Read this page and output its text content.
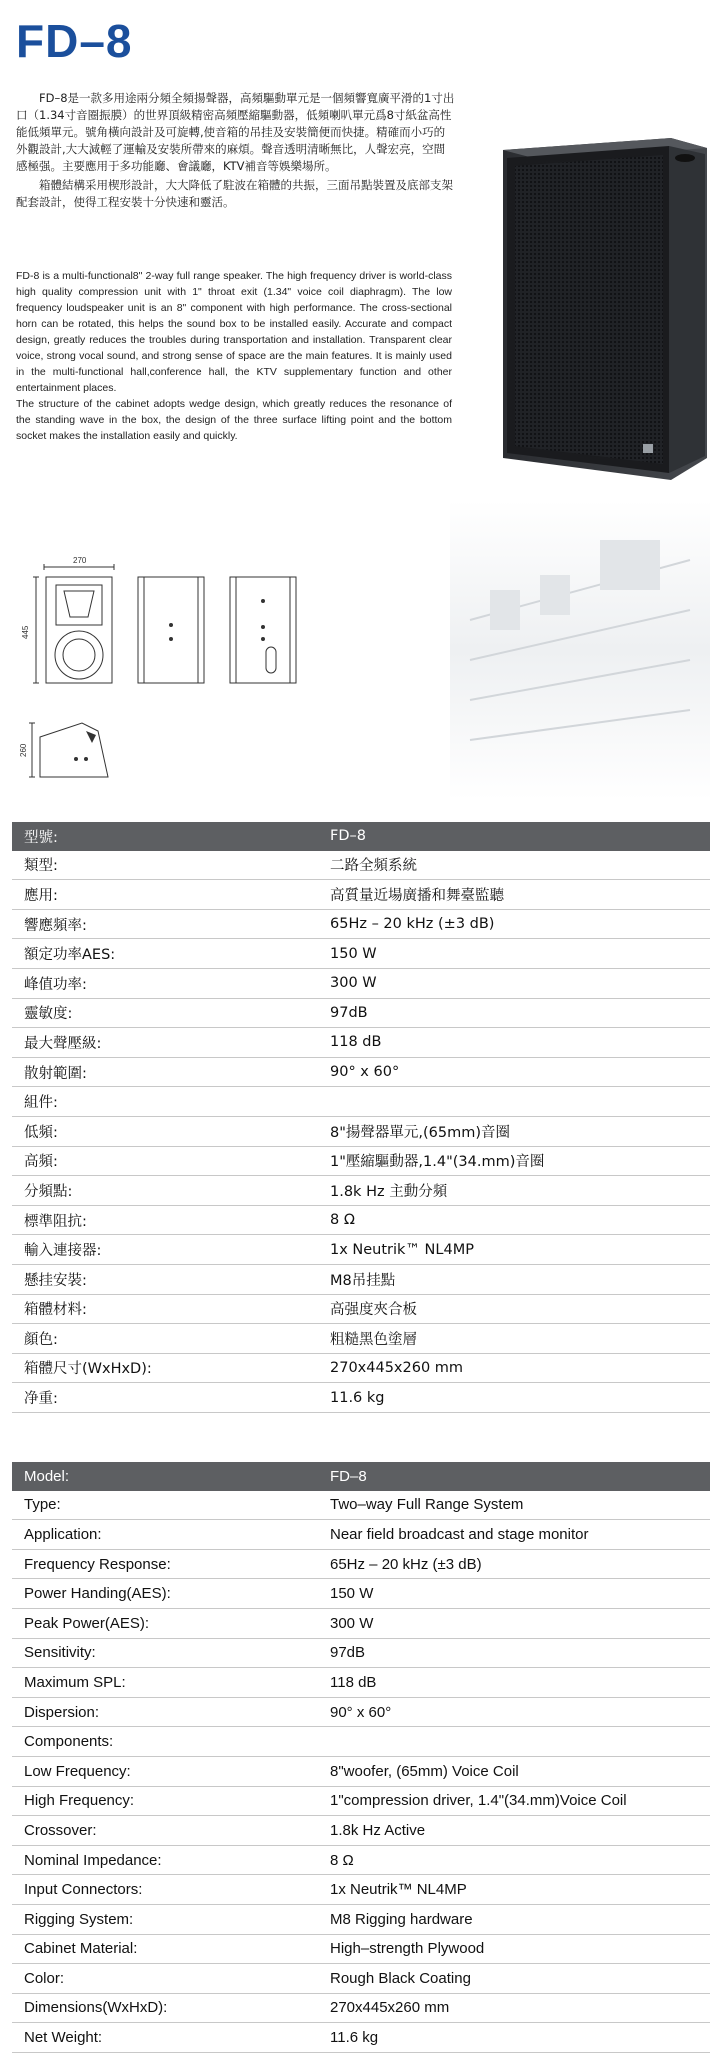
FD–8

FD–8是一款多用途兩分頻全頻揚聲器，高頻驅動單元是一個頻響寬廣平滑的1寸出口（1.34寸音圈振膜）的世界頂級精密高頻壓縮驅動器，低頻喇叭單元爲8寸紙盆高性能低頻單元。號角橫向設計及可旋轉,使音箱的吊挂及安裝簡便而快捷。精確而小巧的外觀設計,大大減輕了運輸及安裝所帶來的麻煩。聲音透明清晰無比，人聲宏亮，空間感極强。主要應用于多功能廳、會議廳，KTV補音等娛樂場所。

箱體結構采用楔形設計，大大降低了駐波在箱體的共振，三面吊點裝置及底部支架配套設計，使得工程安裝十分快速和靈活。

FD-8 is a multi-functional8" 2-way full range speaker. The high frequency driver is world-class high quality compression unit with 1" throat exit (1.34" voice coil diaphragm). The low frequency loudspeaker unit is an 8" component with high performance. The cross-sectional horn can be rotated, this helps the sound box to be installed easily. Accurate and compact design, greatly reduces the troubles during transportation and installation. Transparent clear voice, strong vocal sound, and strong sense of space are the main features. It is mainly used in the multi-functional hall,conference hall, the KTV supplementary function and other entertainment places.

The structure of the cabinet adopts wedge design, which greatly reduces the resonance of the standing wave in the box, the design of the three surface lifting point and the bottom socket makes the installation easily and quickly.

270
445
260
型號:	FD–8
類型:	二路全頻系統
應用:	高質量近場廣播和舞臺監聽
響應頻率:	65Hz – 20 kHz (±3 dB)
額定功率AES:	150 W
峰值功率:	300 W
靈敏度:	97dB
最大聲壓級:	118 dB
散射範圍:	90° x 60°
組件:
低頻:	8"揚聲器單元,(65mm)音圈
高頻:	1"壓縮驅動器,1.4"(34.mm)音圈
分頻點:	1.8k Hz 主動分頻
標準阻抗:	8 Ω
輸入連接器:	1x Neutrik™ NL4MP
懸挂安裝:	M8吊挂點
箱體材料:	高强度夾合板
顔色:	粗糙黑色塗層
箱體尺寸(WxHxD):	270x445x260 mm
净重:	11.6 kg
Model:	FD–8
Type:	Two–way Full Range System
Application:	Near field broadcast and stage monitor
Frequency Response:	65Hz – 20 kHz (±3 dB)
Power Handing(AES):	150 W
Peak Power(AES):	300 W
Sensitivity:	97dB
Maximum SPL:	118 dB
Dispersion:	90° x 60°
Components:
Low Frequency:	8"woofer, (65mm) Voice Coil
High Frequency:	1"compression driver, 1.4"(34.mm)Voice Coil
Crossover:	1.8k Hz Active
Nominal Impedance:	8 Ω
Input Connectors:	1x Neutrik™ NL4MP
Rigging System:	M8 Rigging hardware
Cabinet Material:	High–strength Plywood
Color:	Rough Black Coating
Dimensions(WxHxD):	270x445x260 mm
Net Weight:	11.6 kg
